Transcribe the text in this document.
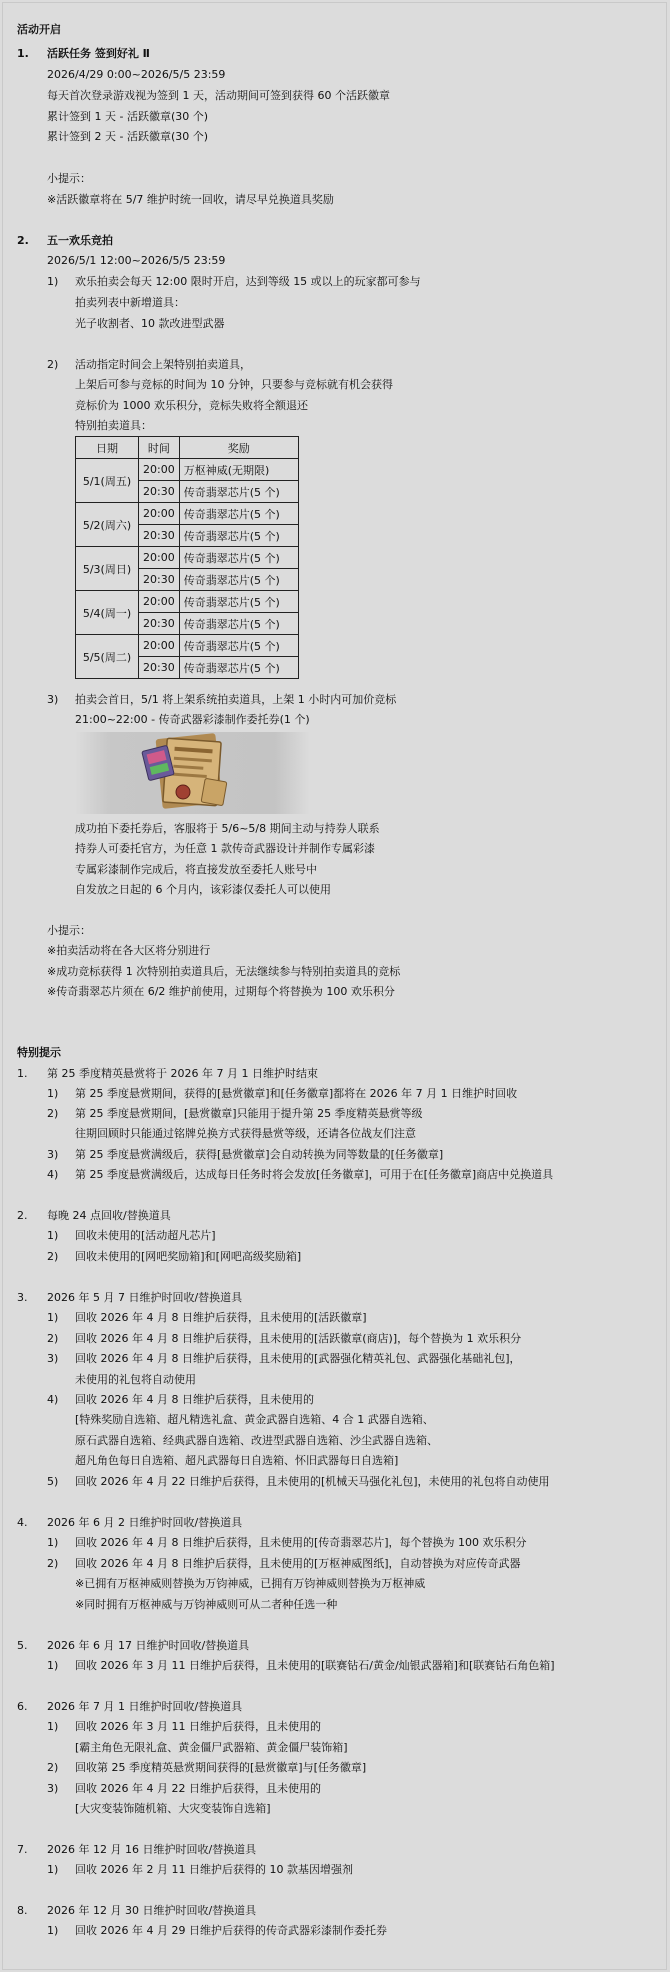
活动开启
1. 活跃任务 签到好礼 Ⅱ
2026/4/29 0:00~2026/5/5 23:59
每天首次登录游戏视为签到 1 天，活动期间可签到获得 60 个活跃徽章
累计签到 1 天 - 活跃徽章(30 个)
累计签到 2 天 - 活跃徽章(30 个)
小提示：
※活跃徽章将在 5/7 维护时统一回收，请尽早兑换道具奖励
2. 五一欢乐竞拍
2026/5/1 12:00~2026/5/5 23:59
1) 欢乐拍卖会每天 12:00 限时开启，达到等级 15 或以上的玩家都可参与
拍卖列表中新增道具：
光子收割者、10 款改进型武器
2) 活动指定时间会上架特别拍卖道具，
上架后可参与竞标的时间为 10 分钟，只要参与竞标就有机会获得
竞标价为 1000 欢乐积分，竞标失败将全额退还
特别拍卖道具：
日期	时间	奖励
5/1(周五)	20:00	万枢神威(无期限)
	20:30	传奇翡翠芯片(5 个)
5/2(周六)	20:00	传奇翡翠芯片(5 个)
	20:30	传奇翡翠芯片(5 个)
5/3(周日)	20:00	传奇翡翠芯片(5 个)
	20:30	传奇翡翠芯片(5 个)
5/4(周一)	20:00	传奇翡翠芯片(5 个)
	20:30	传奇翡翠芯片(5 个)
5/5(周二)	20:00	传奇翡翠芯片(5 个)
	20:30	传奇翡翠芯片(5 个)
3) 拍卖会首日，5/1 将上架系统拍卖道具，上架 1 小时内可加价竞标
21:00~22:00 - 传奇武器彩漆制作委托券(1 个)
成功拍下委托券后，客服将于 5/6~5/8 期间主动与持券人联系
持券人可委托官方，为任意 1 款传奇武器设计并制作专属彩漆
专属彩漆制作完成后，将直接发放至委托人账号中
自发放之日起的 6 个月内，该彩漆仅委托人可以使用
小提示：
※拍卖活动将在各大区将分别进行
※成功竞标获得 1 次特别拍卖道具后，无法继续参与特别拍卖道具的竞标
※传奇翡翠芯片须在 6/2 维护前使用，过期每个将替换为 100 欢乐积分
特别提示
1. 第 25 季度精英悬赏将于 2026 年 7 月 1 日维护时结束
1) 第 25 季度悬赏期间，获得的[悬赏徽章]和[任务徽章]都将在 2026 年 7 月 1 日维护时回收
2) 第 25 季度悬赏期间，[悬赏徽章]只能用于提升第 25 季度精英悬赏等级
往期回顾时只能通过铭牌兑换方式获得悬赏等级，还请各位战友们注意
3) 第 25 季度悬赏满级后，获得[悬赏徽章]会自动转换为同等数量的[任务徽章]
4) 第 25 季度悬赏满级后，达成每日任务时将会发放[任务徽章]，可用于在[任务徽章]商店中兑换道具
2. 每晚 24 点回收/替换道具
1) 回收未使用的[活动超凡芯片]
2) 回收未使用的[网吧奖励箱]和[网吧高级奖励箱]
3. 2026 年 5 月 7 日维护时回收/替换道具
1) 回收 2026 年 4 月 8 日维护后获得，且未使用的[活跃徽章]
2) 回收 2026 年 4 月 8 日维护后获得，且未使用的[活跃徽章(商店)]，每个替换为 1 欢乐积分
3) 回收 2026 年 4 月 8 日维护后获得，且未使用的[武器强化精英礼包、武器强化基础礼包]，
未使用的礼包将自动使用
4) 回收 2026 年 4 月 8 日维护后获得，且未使用的
[特殊奖励自选箱、超凡精选礼盒、黄金武器自选箱、4 合 1 武器自选箱、
原石武器自选箱、经典武器自选箱、改进型武器自选箱、沙尘武器自选箱、
超凡角色每日自选箱、超凡武器每日自选箱、怀旧武器每日自选箱]
5) 回收 2026 年 4 月 22 日维护后获得，且未使用的[机械天马强化礼包]，未使用的礼包将自动使用
4. 2026 年 6 月 2 日维护时回收/替换道具
1) 回收 2026 年 4 月 8 日维护后获得，且未使用的[传奇翡翠芯片]，每个替换为 100 欢乐积分
2) 回收 2026 年 4 月 8 日维护后获得，且未使用的[万枢神威图纸]，自动替换为对应传奇武器
※已拥有万枢神威则替换为万钧神威，已拥有万钧神威则替换为万枢神威
※同时拥有万枢神威与万钧神威则可从二者种任选一种
5. 2026 年 6 月 17 日维护时回收/替换道具
1) 回收 2026 年 3 月 11 日维护后获得，且未使用的[联赛钻石/黄金/灿银武器箱]和[联赛钻石角色箱]
6. 2026 年 7 月 1 日维护时回收/替换道具
1) 回收 2026 年 3 月 11 日维护后获得，且未使用的
[霸主角色无限礼盒、黄金僵尸武器箱、黄金僵尸装饰箱]
2) 回收第 25 季度精英悬赏期间获得的[悬赏徽章]与[任务徽章]
3) 回收 2026 年 4 月 22 日维护后获得，且未使用的
[大灾变装饰随机箱、大灾变装饰自选箱]
7. 2026 年 12 月 16 日维护时回收/替换道具
1) 回收 2026 年 2 月 11 日维护后获得的 10 款基因增强剂
8. 2026 年 12 月 30 日维护时回收/替换道具
1) 回收 2026 年 4 月 29 日维护后获得的传奇武器彩漆制作委托券
